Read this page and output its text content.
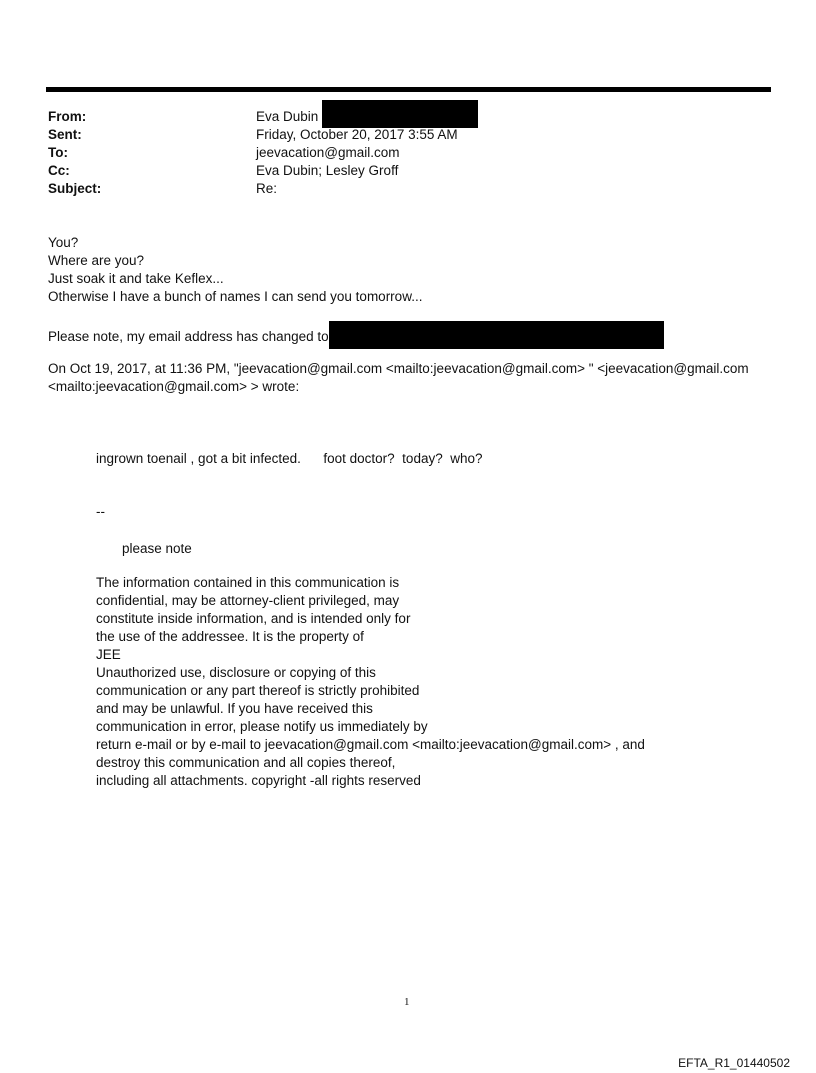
From:	Eva Dubin
Sent:	Friday, October 20, 2017 3:55 AM
To:	jeevacation@gmail.com
Cc:	Eva Dubin; Lesley Groff
Subject:	Re:
You?
Where are you?
Just soak it and take Keflex...
Otherwise I have a bunch of names I can send you tomorrow...
Please note, my email address has changed to
On Oct 19, 2017, at 11:36 PM, "jeevacation@gmail.com <mailto:jeevacation@gmail.com> " <jeevacation@gmail.com
<mailto:jeevacation@gmail.com> > wrote:
ingrown toenail , got a bit infected.      foot doctor?  today?  who?
--
please note
The information contained in this communication is
confidential, may be attorney-client privileged, may
constitute inside information, and is intended only for
the use of the addressee. It is the property of
JEE
Unauthorized use, disclosure or copying of this
communication or any part thereof is strictly prohibited
and may be unlawful. If you have received this
communication in error, please notify us immediately by
return e-mail or by e-mail to jeevacation@gmail.com <mailto:jeevacation@gmail.com> , and
destroy this communication and all copies thereof,
including all attachments. copyright -all rights reserved
1
EFTA_R1_01440502
